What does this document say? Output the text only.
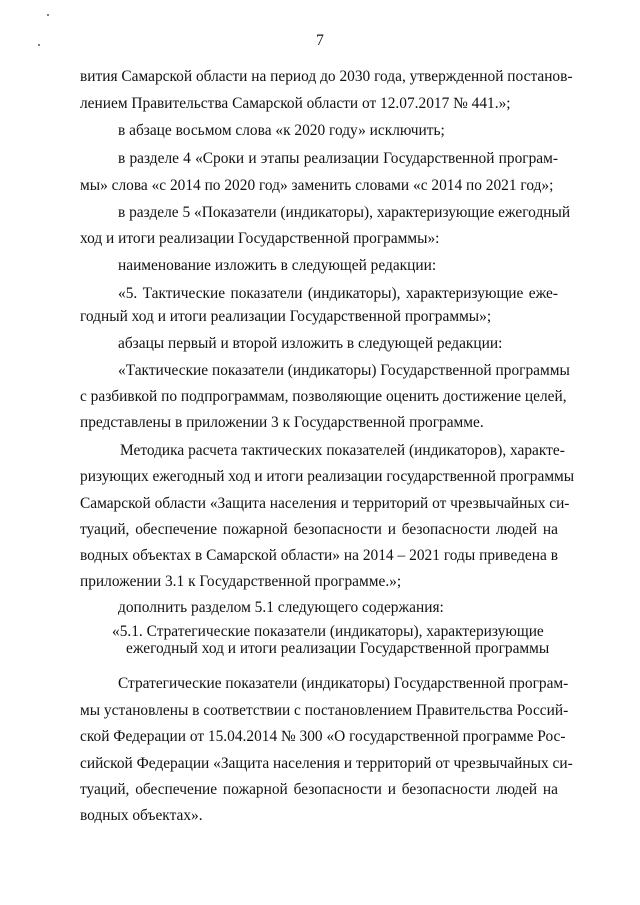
7
вития Самарской области на период до 2030 года, утвержденной постанов-
лением Правительства Самарской области от 12.07.2017 № 441.»;
в абзаце восьмом слова «к 2020 году» исключить;
в разделе 4 «Сроки и этапы реализации Государственной програм-
мы» слова «с 2014 по 2020 год» заменить словами «с 2014 по 2021 год»;
в разделе 5 «Показатели (индикаторы), характеризующие ежегодный
ход и итоги реализации Государственной программы»:
наименование изложить в следующей редакции:
«5. Тактические показатели (индикаторы), характеризующие еже-
годный ход и итоги реализации Государственной программы»;
абзацы первый и второй изложить в следующей редакции:
«Тактические показатели (индикаторы) Государственной программы
с разбивкой по подпрограммам, позволяющие оценить достижение целей,
представлены в приложении 3 к Государственной программе.
Методика расчета тактических показателей (индикаторов), характе-
ризующих ежегодный ход и итоги реализации государственной программы
Самарской области «Защита населения и территорий от чрезвычайных си-
туаций, обеспечение пожарной безопасности и безопасности людей на
водных объектах в Самарской области» на 2014 – 2021 годы приведена в
приложении 3.1 к Государственной программе.»;
дополнить разделом 5.1 следующего содержания:
«5.1. Стратегические показатели (индикаторы), характеризующие
ежегодный ход и итоги реализации Государственной программы
Стратегические показатели (индикаторы) Государственной програм-
мы установлены в соответствии с постановлением Правительства Россий-
ской Федерации от 15.04.2014 № 300 «О государственной программе Рос-
сийской Федерации «Защита населения и территорий от чрезвычайных си-
туаций, обеспечение пожарной безопасности и безопасности людей на
водных объектах».
